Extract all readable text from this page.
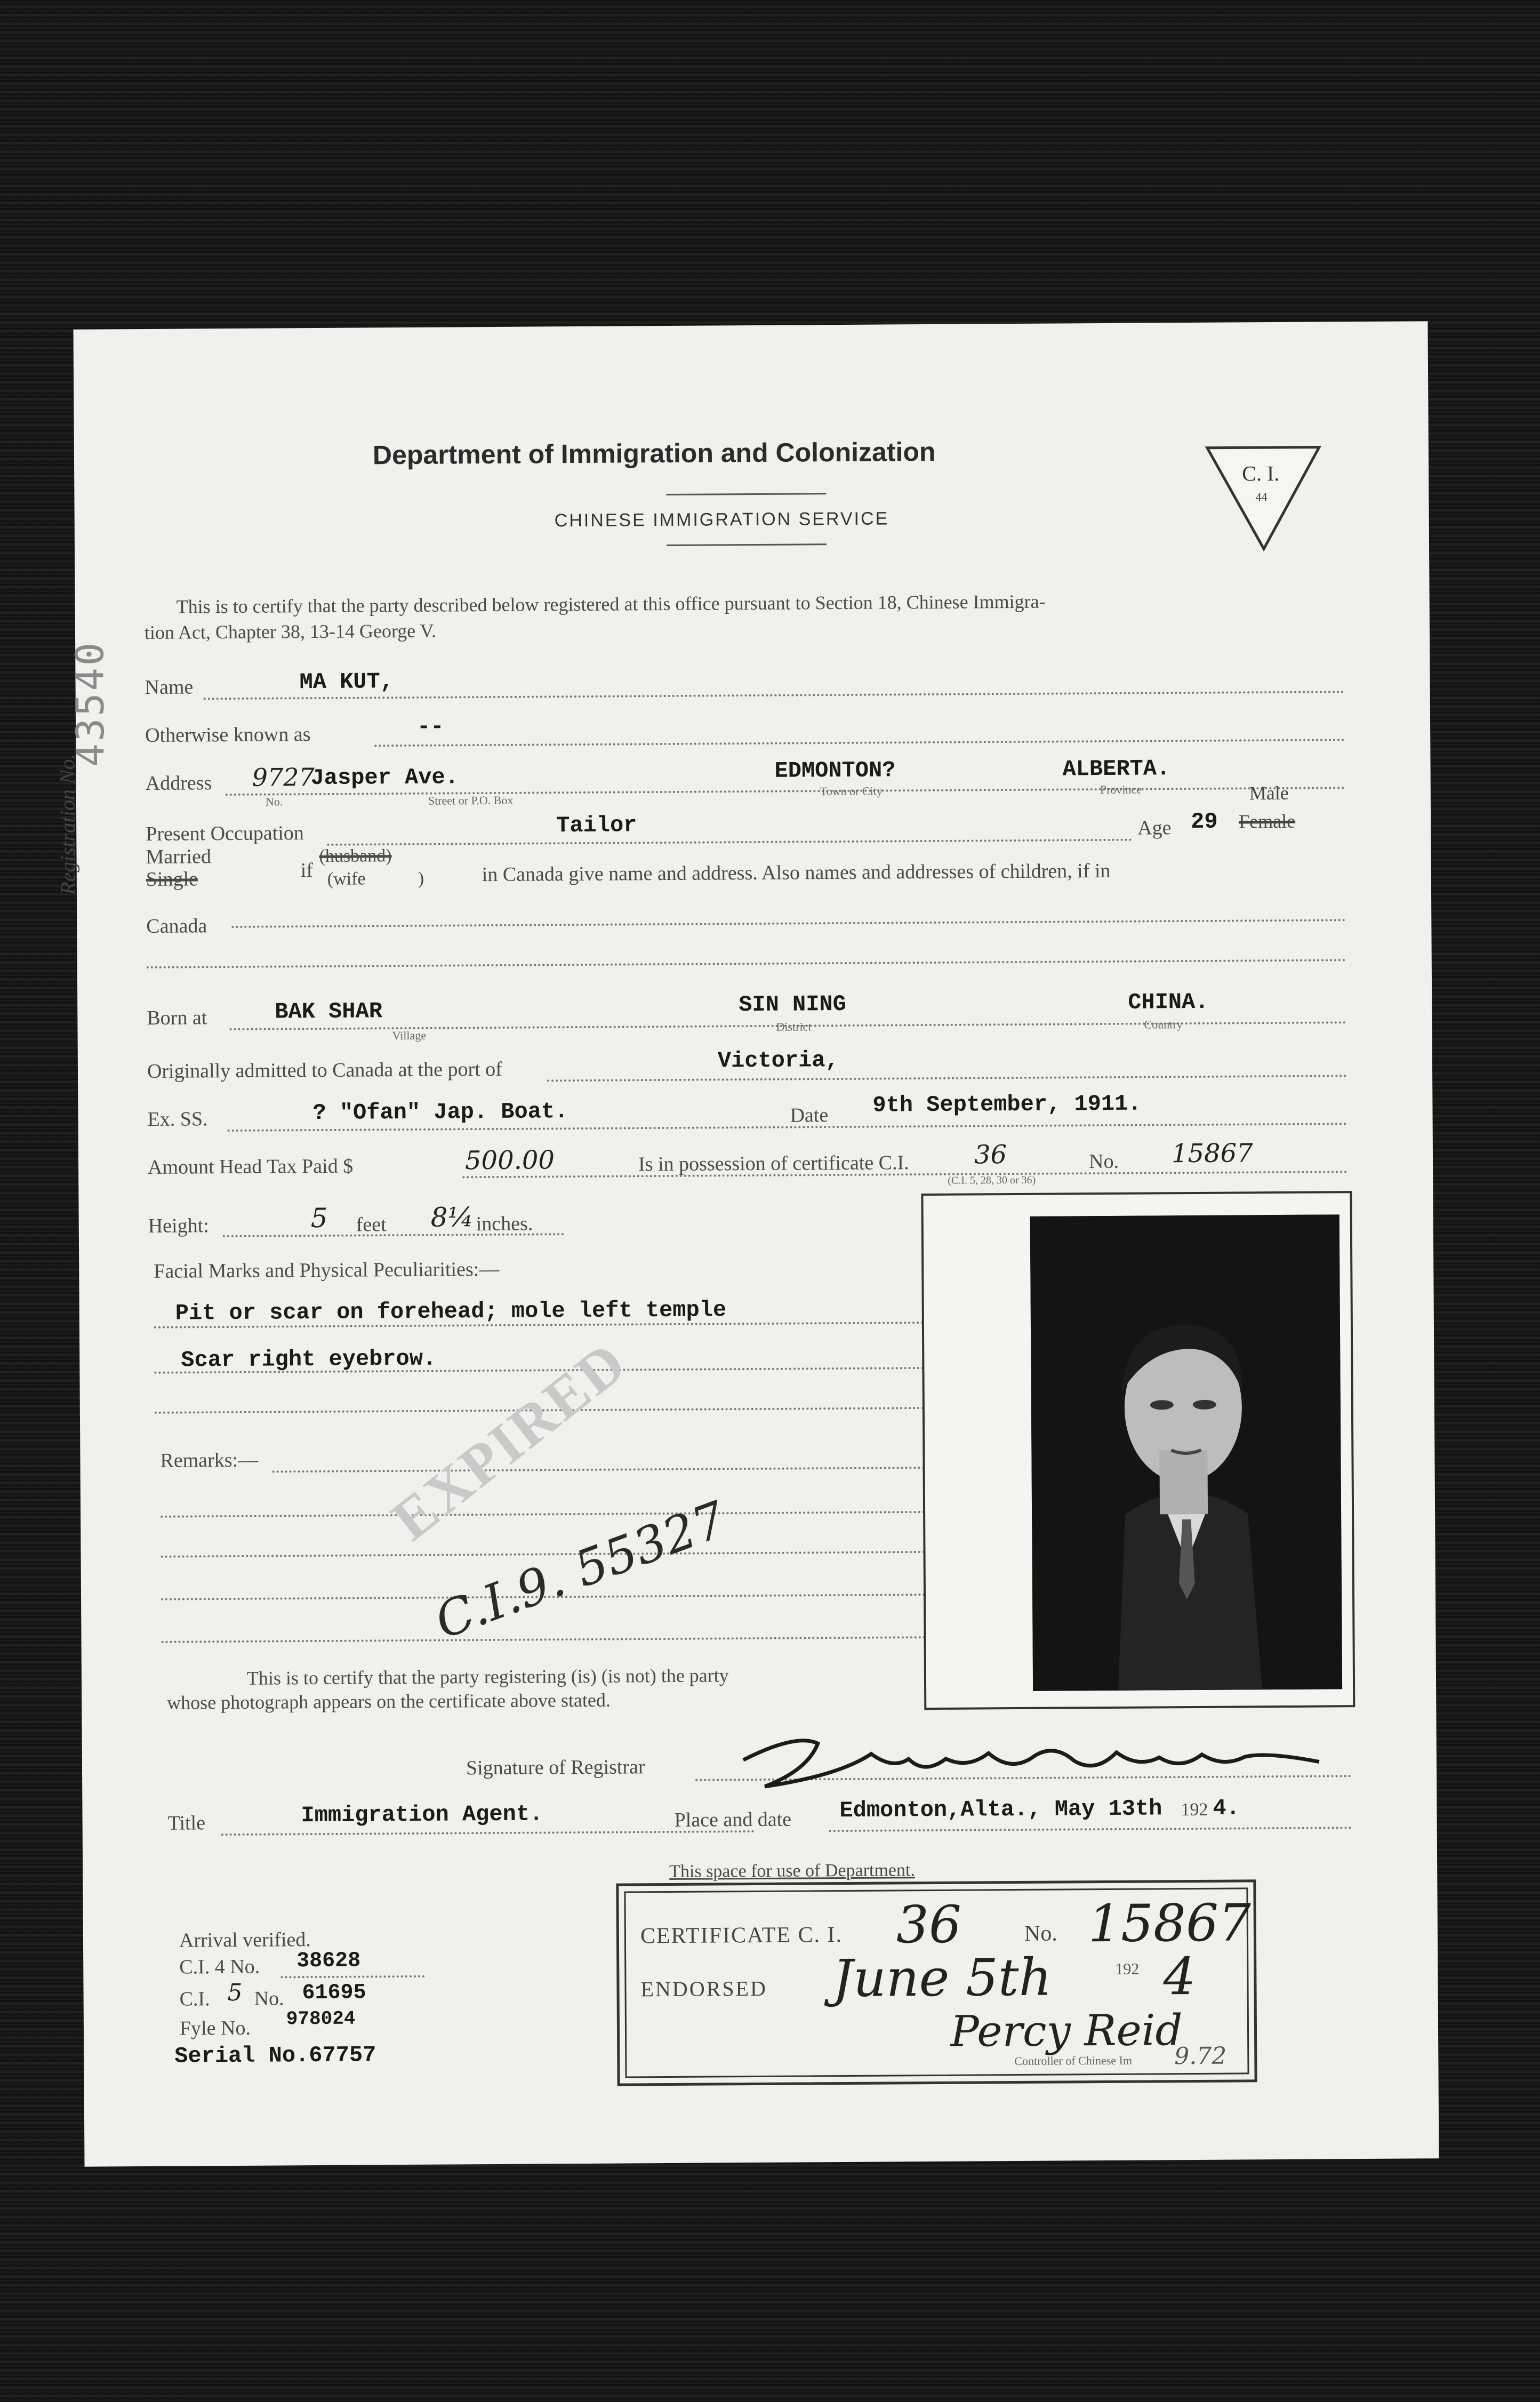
Department of Immigration and Colonization
CHINESE IMMIGRATION SERVICE
C. I.
44
Registration No.
43540
This is to certify that the party described below registered at this office pursuant to Section 18, Chinese Immigra-
tion Act, Chapter 38, 13-14 George V.
Name	MA KUT,
Otherwise known as	--
Address 9727
Jasper Ave.	EDMONTON?	ALBERTA.
No.	Street or P.O. Box
Town or City	Province	Male
Present Occupation	Tailor	Age 29 Female
Married
Single	if
(husband)
(wife	)	in Canada give name and address. Also names and addresses of children, if in
Canada
Born at	BAK SHAR	SIN NING	CHINA.
Village
District	Country
Originally admitted to Canada at the port of	Victoria,
Ex. SS.	? "Ofan" Jap. Boat.	Date 9th September, 1911.
Amount Head Tax Paid $	500.00	Is in possession of certificate C.I.	36	No. 15867
(C.I. 5, 28, 30 or 36)
Height:	5 feet 8¼ inches.
Facial Marks and Physical Peculiarities:—
Pit or scar on forehead; mole left temple
Scar right eyebrow.
Remarks:— EXPIRED
C.I.9. 55327
This is to certify that the party registering (is) (is not) the party
whose photograph appears on the certificate above stated.
Signature of Registrar
Title	Immigration Agent.	Place and date Edmonton,Alta., May 13th 192 4.
This space for use of Department.
CERTIFICATE C. I. 36	No. 15867
ENDORSED June 5th	192 4
Percy Reid
Controller of Chinese Im 9.72
Arrival verified.
C.I. 4 No. 38628
C.I. 5 No. 61695
Fyle No. 978024
Serial No.67757
